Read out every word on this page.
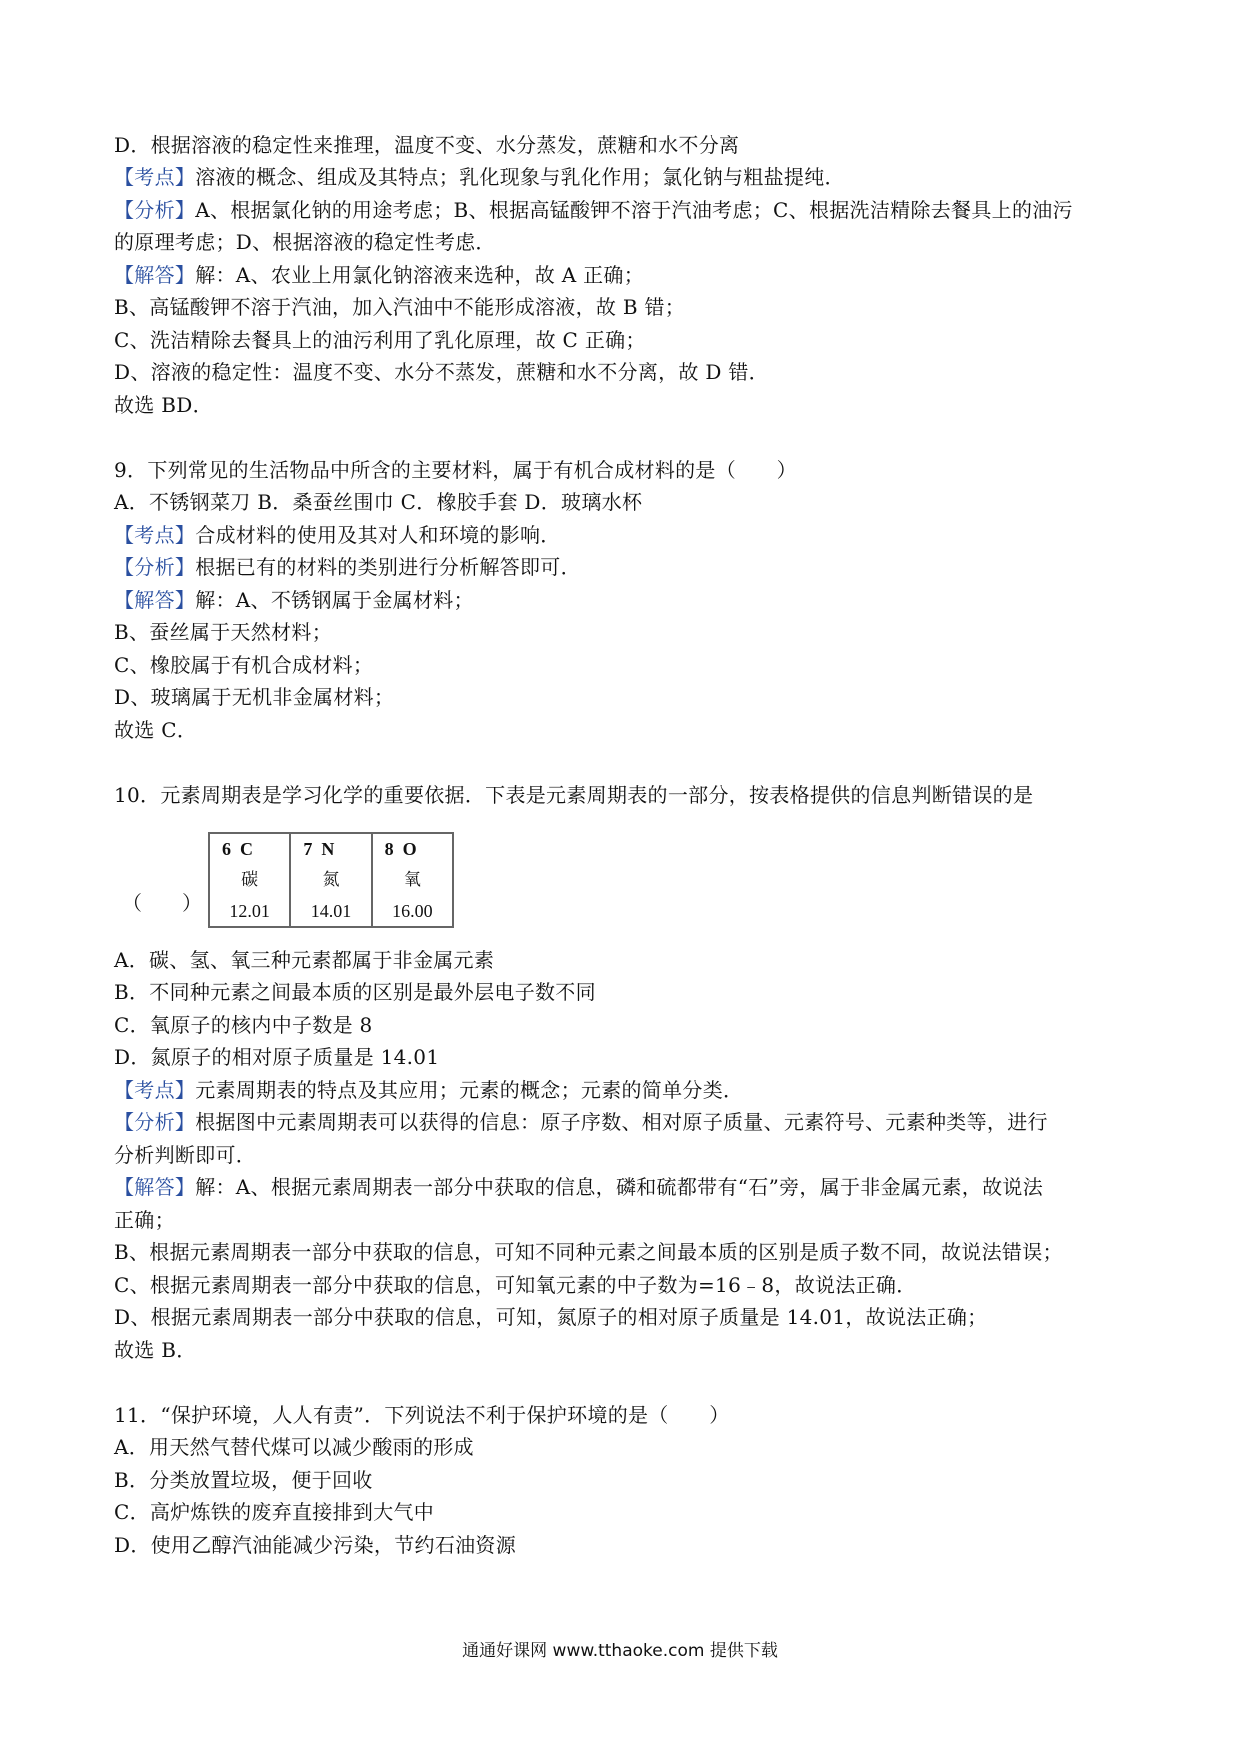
D．根据溶液的稳定性来推理，温度不变、水分蒸发，蔗糖和水不分离
【考点】溶液的概念、组成及其特点；乳化现象与乳化作用；氯化钠与粗盐提纯．
【分析】A、根据氯化钠的用途考虑；B、根据高锰酸钾不溶于汽油考虑；C、根据洗洁精除去餐具上的油污
的原理考虑；D、根据溶液的稳定性考虑．
【解答】解：A、农业上用氯化钠溶液来选种，故 A 正确；
B、高锰酸钾不溶于汽油，加入汽油中不能形成溶液，故 B 错；
C、洗洁精除去餐具上的油污利用了乳化原理，故 C 正确；
D、溶液的稳定性：温度不变、水分不蒸发，蔗糖和水不分离，故 D 错．
故选 BD．
9．下列常见的生活物品中所含的主要材料，属于有机合成材料的是（　　）
A．不锈钢菜刀 B．桑蚕丝围巾 C．橡胶手套 D．玻璃水杯
【考点】合成材料的使用及其对人和环境的影响．
【分析】根据已有的材料的类别进行分析解答即可．
【解答】解：A、不锈钢属于金属材料；
B、蚕丝属于天然材料；
C、橡胶属于有机合成材料；
D、玻璃属于无机非金属材料；
故选 C．
10．元素周期表是学习化学的重要依据．下表是元素周期表的一部分，按表格提供的信息判断错误的是
A．碳、氢、氧三种元素都属于非金属元素
B．不同种元素之间最本质的区别是最外层电子数不同
C．氧原子的核内中子数是 8
D．氮原子的相对原子质量是 14.01
【考点】元素周期表的特点及其应用；元素的概念；元素的简单分类．
【分析】根据图中元素周期表可以获得的信息：原子序数、相对原子质量、元素符号、元素种类等，进行
分析判断即可．
【解答】解：A、根据元素周期表一部分中获取的信息，磷和硫都带有“石”旁，属于非金属元素，故说法
正确；
B、根据元素周期表一部分中获取的信息，可知不同种元素之间最本质的区别是质子数不同，故说法错误；
C、根据元素周期表一部分中获取的信息，可知氧元素的中子数为=16﹣8，故说法正确．
D、根据元素周期表一部分中获取的信息，可知，氮原子的相对原子质量是 14.01，故说法正确；
故选 B．
11．“保护环境，人人有责”．下列说法不利于保护环境的是（　　）
A．用天然气替代煤可以减少酸雨的形成
B．分类放置垃圾，便于回收
C．高炉炼铁的废弃直接排到大气中
D．使用乙醇汽油能减少污染，节约石油资源
（　　）
6 C
碳
12.01
7 N
氮
14.01
8 O
氧
16.00
通通好课网 www.tthaoke.com 提供下载
